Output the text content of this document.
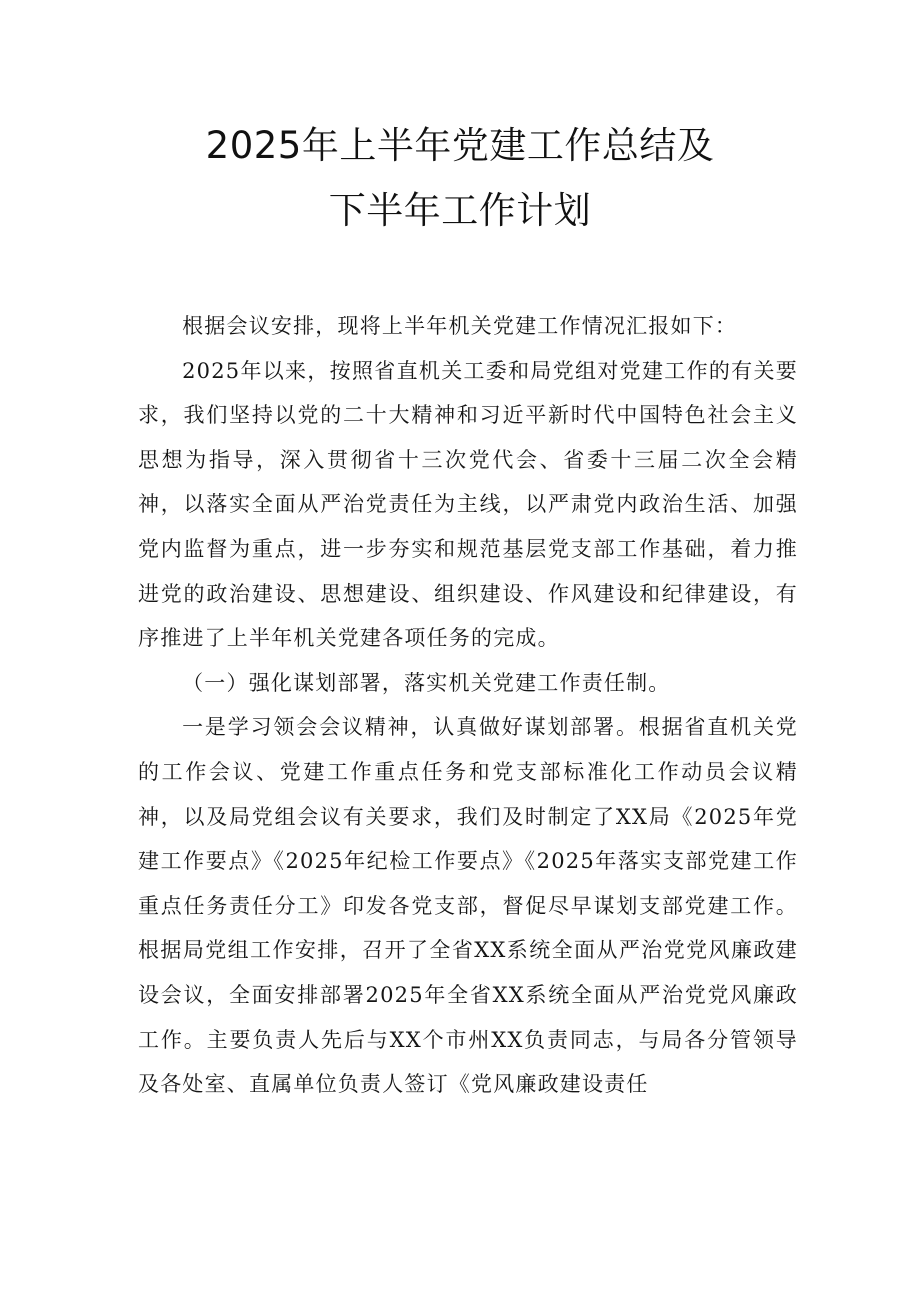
2025年上半年党建工作总结及
下半年工作计划

根据会议安排，现将上半年机关党建工作情况汇报如下：

2025年以来，按照省直机关工委和局党组对党建工作的有关要求，我们坚持以党的二十大精神和习近平新时代中国特色社会主义思想为指导，深入贯彻省十三次党代会、省委十三届二次全会精神，以落实全面从严治党责任为主线，以严肃党内政治生活、加强党内监督为重点，进一步夯实和规范基层党支部工作基础，着力推进党的政治建设、思想建设、组织建设、作风建设和纪律建设，有序推进了上半年机关党建各项任务的完成。

（一）强化谋划部署，落实机关党建工作责任制。

一是学习领会会议精神，认真做好谋划部署。根据省直机关党的工作会议、党建工作重点任务和党支部标准化工作动员会议精神，以及局党组会议有关要求，我们及时制定了XX局《2025年党建工作要点》《2025年纪检工作要点》《2025年落实支部党建工作重点任务责任分工》印发各党支部，督促尽早谋划支部党建工作。根据局党组工作安排，召开了全省XX系统全面从严治党党风廉政建设会议，全面安排部署2025年全省XX系统全面从严治党党风廉政工作。主要负责人先后与XX个市州XX负责同志，与局各分管领导及各处室、直属单位负责人签订《党风廉政建设责任
